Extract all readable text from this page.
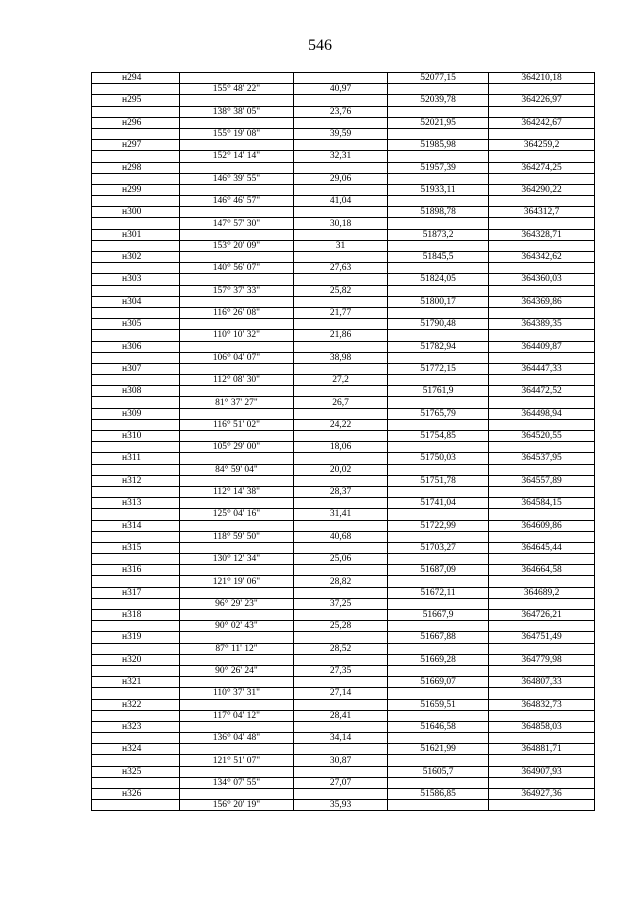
546
н294			52077,15	364210,18
	155° 48' 22"	40,97		
н295			52039,78	364226,97
	138° 38' 05"	23,76		
н296			52021,95	364242,67
	155° 19' 08"	39,59		
н297			51985,98	364259,2
	152° 14' 14"	32,31		
н298			51957,39	364274,25
	146° 39' 55"	29,06		
н299			51933,11	364290,22
	146° 46' 57"	41,04		
н300			51898,78	364312,7
	147° 57' 30"	30,18		
н301			51873,2	364328,71
	153° 20' 09"	31		
н302			51845,5	364342,62
	140° 56' 07"	27,63		
н303			51824,05	364360,03
	157° 37' 33"	25,82		
н304			51800,17	364369,86
	116° 26' 08"	21,77		
н305			51790,48	364389,35
	110° 10' 32"	21,86		
н306			51782,94	364409,87
	106° 04' 07"	38,98		
н307			51772,15	364447,33
	112° 08' 30"	27,2		
н308			51761,9	364472,52
	81° 37' 27"	26,7		
н309			51765,79	364498,94
	116° 51' 02"	24,22		
н310			51754,85	364520,55
	105° 29' 00"	18,06		
н311			51750,03	364537,95
	84° 59' 04"	20,02		
н312			51751,78	364557,89
	112° 14' 38"	28,37		
н313			51741,04	364584,15
	125° 04' 16"	31,41		
н314			51722,99	364609,86
	118° 59' 50"	40,68		
н315			51703,27	364645,44
	130° 12' 34"	25,06		
н316			51687,09	364664,58
	121° 19' 06"	28,82		
н317			51672,11	364689,2
	96° 29' 23"	37,25		
н318			51667,9	364726,21
	90° 02' 43"	25,28		
н319			51667,88	364751,49
	87° 11' 12"	28,52		
н320			51669,28	364779,98
	90° 26' 24"	27,35		
н321			51669,07	364807,33
	110° 37' 31"	27,14		
н322			51659,51	364832,73
	117° 04' 12"	28,41		
н323			51646,58	364858,03
	136° 04' 48"	34,14		
н324			51621,99	364881,71
	121° 51' 07"	30,87		
н325			51605,7	364907,93
	134° 07' 55"	27,07		
н326			51586,85	364927,36
	156° 20' 19"	35,93		
